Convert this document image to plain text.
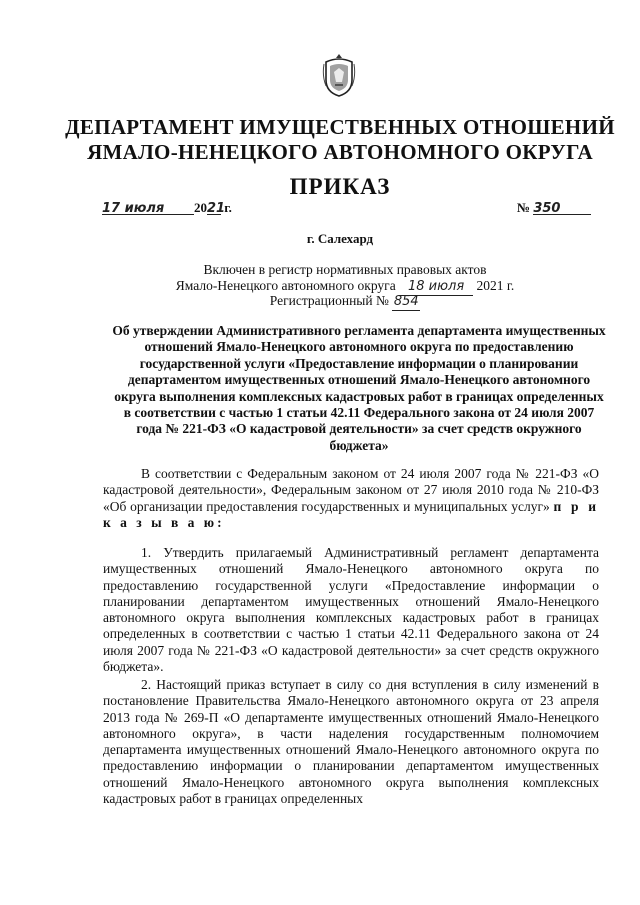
ДЕПАРТАМЕНТ ИМУЩЕСТВЕННЫХ ОТНОШЕНИЙ
ЯМАЛО-НЕНЕЦКОГО АВТОНОМНОГО ОКРУГА
ПРИКАЗ
17 июля 2021 г.	№ 350
г. Салехард
Включен в регистр нормативных правовых актов
Ямало-Ненецкого автономного округа 18 июля 2021 г.
Регистрационный № 854
Об утверждении Административного регламента департамента имущественных отношений Ямало-Ненецкого автономного округа по предоставлению государственной услуги «Предоставление информации о планировании департаментом имущественных отношений Ямало-Ненецкого автономного округа выполнения комплексных кадастровых работ в границах определенных в соответствии с частью 1 статьи 42.11 Федерального закона от 24 июля 2007 года № 221-ФЗ «О кадастровой деятельности» за счет средств окружного бюджета»
В соответствии с Федеральным законом от 24 июля 2007 года № 221-ФЗ «О кадастровой деятельности», Федеральным законом от 27 июля 2010 года № 210-ФЗ «Об организации предоставления государственных и муниципальных услуг» п р и к а з ы в а ю:
1. Утвердить прилагаемый Административный регламент департамента имущественных отношений Ямало-Ненецкого автономного округа по предоставлению государственной услуги «Предоставление информации о планировании департаментом имущественных отношений Ямало-Ненецкого автономного округа выполнения комплексных кадастровых работ в границах определенных в соответствии с частью 1 статьи 42.11 Федерального закона от 24 июля 2007 года № 221-ФЗ «О кадастровой деятельности» за счет средств окружного бюджета».
2. Настоящий приказ вступает в силу со дня вступления в силу изменений в постановление Правительства Ямало-Ненецкого автономного округа от 23 апреля 2013 года № 269-П «О департаменте имущественных отношений Ямало-Ненецкого автономного округа», в части наделения государственным полномочием департамента имущественных отношений Ямало-Ненецкого автономного округа по предоставлению информации о планировании департаментом имущественных отношений Ямало-Ненецкого автономного округа выполнения комплексных кадастровых работ в границах определенных
